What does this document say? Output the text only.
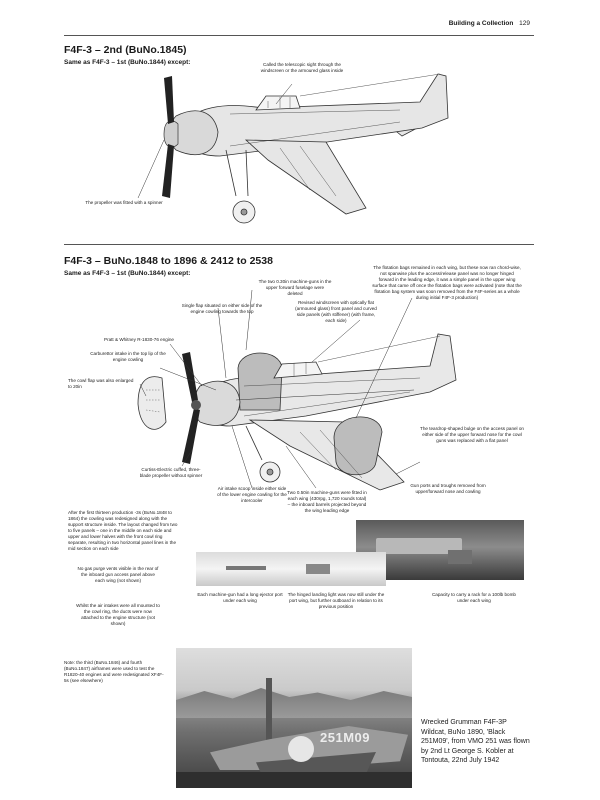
Building a Collection 129
F4F-3 – 2nd (BuNo.1845)
Same as F4F-3 – 1st (BuNo.1844) except:	Called the telescopic sight through the windscreen or the armoured glass inside
The propeller was fitted with a spinner
F4F-3 – BuNo.1848 to 1896 & 2412 to 2538
Same as F4F-3 – 1st (BuNo.1844) except:
The two 0.30in machine-guns in the upper forward fuselage were deleted
The flotation bags remained in each wing, but these now ran chord-wise, not spanwise plus the access/release panel was no longer hinged forward in the leading edge, it was a simple panel in the upper wing surface that came off once the flotation bags were activated (note that the flotation bag system was soon removed from the F4F-series as a whole during initial F4F-3 production)
Single flap situated on either side of the engine cowling towards the top
Revised windscreen with optically flat (armoured glass) front panel and curved side panels (with stiffener) (with frame, each side)
Pratt & Whitney R-1830-76 engine
Carburettor intake in the top lip of the engine cowling
The cowl flap was also enlarged to 20in
The teardrop-shaped bulge on the access panel on either side of the upper forward nose for the cowl guns was replaced with a flat panel
Curtiss-Electric cuffed, three-blade propeller without spinner
Air intake scoop inside either side of the lower engine cowling for the intercooler
Two 0.50in machine-guns were fitted in each wing (430rpg, 1,720 rounds total) – the inboard barrels projected beyond the wing leading edge
Gun ports and troughs removed from upper/forward nose and cowling
After the first thirteen production -3s (BuNo.1848 to 1864) the cowling was redesigned along with the support structure inside. The layout changed from two to five panels – one in the middle on each side and upper and lower halves with the front cowl ring separate, resulting in two horizontal panel lines in the mid section on each side
No gas purge vents visible in the rear of the inboard gun access panel above each wing (not shown)
Whilst the air intakes were all mounted to the cowl ring, the ducts were now attached to the engine structure (not shown)
Each machine-gun had a long ejector port under each wing
The hinged landing light was now still under the port wing, but further outboard in relation to its previous position
Capacity to carry a rack for a 100lb bomb under each wing
Note: the third (BuNo.1846) and fourth (BuNo.1847) airframes were used to test the R1820-40 engines and were redesignated XF4F-5s (see elsewhere)
251M09
Wrecked Grumman F4F-3P Wildcat, BuNo 1890, 'Black 251M09', from VMO 251 was flown by 2nd Lt George S. Kobler at Tontouta, 22nd July 1942
